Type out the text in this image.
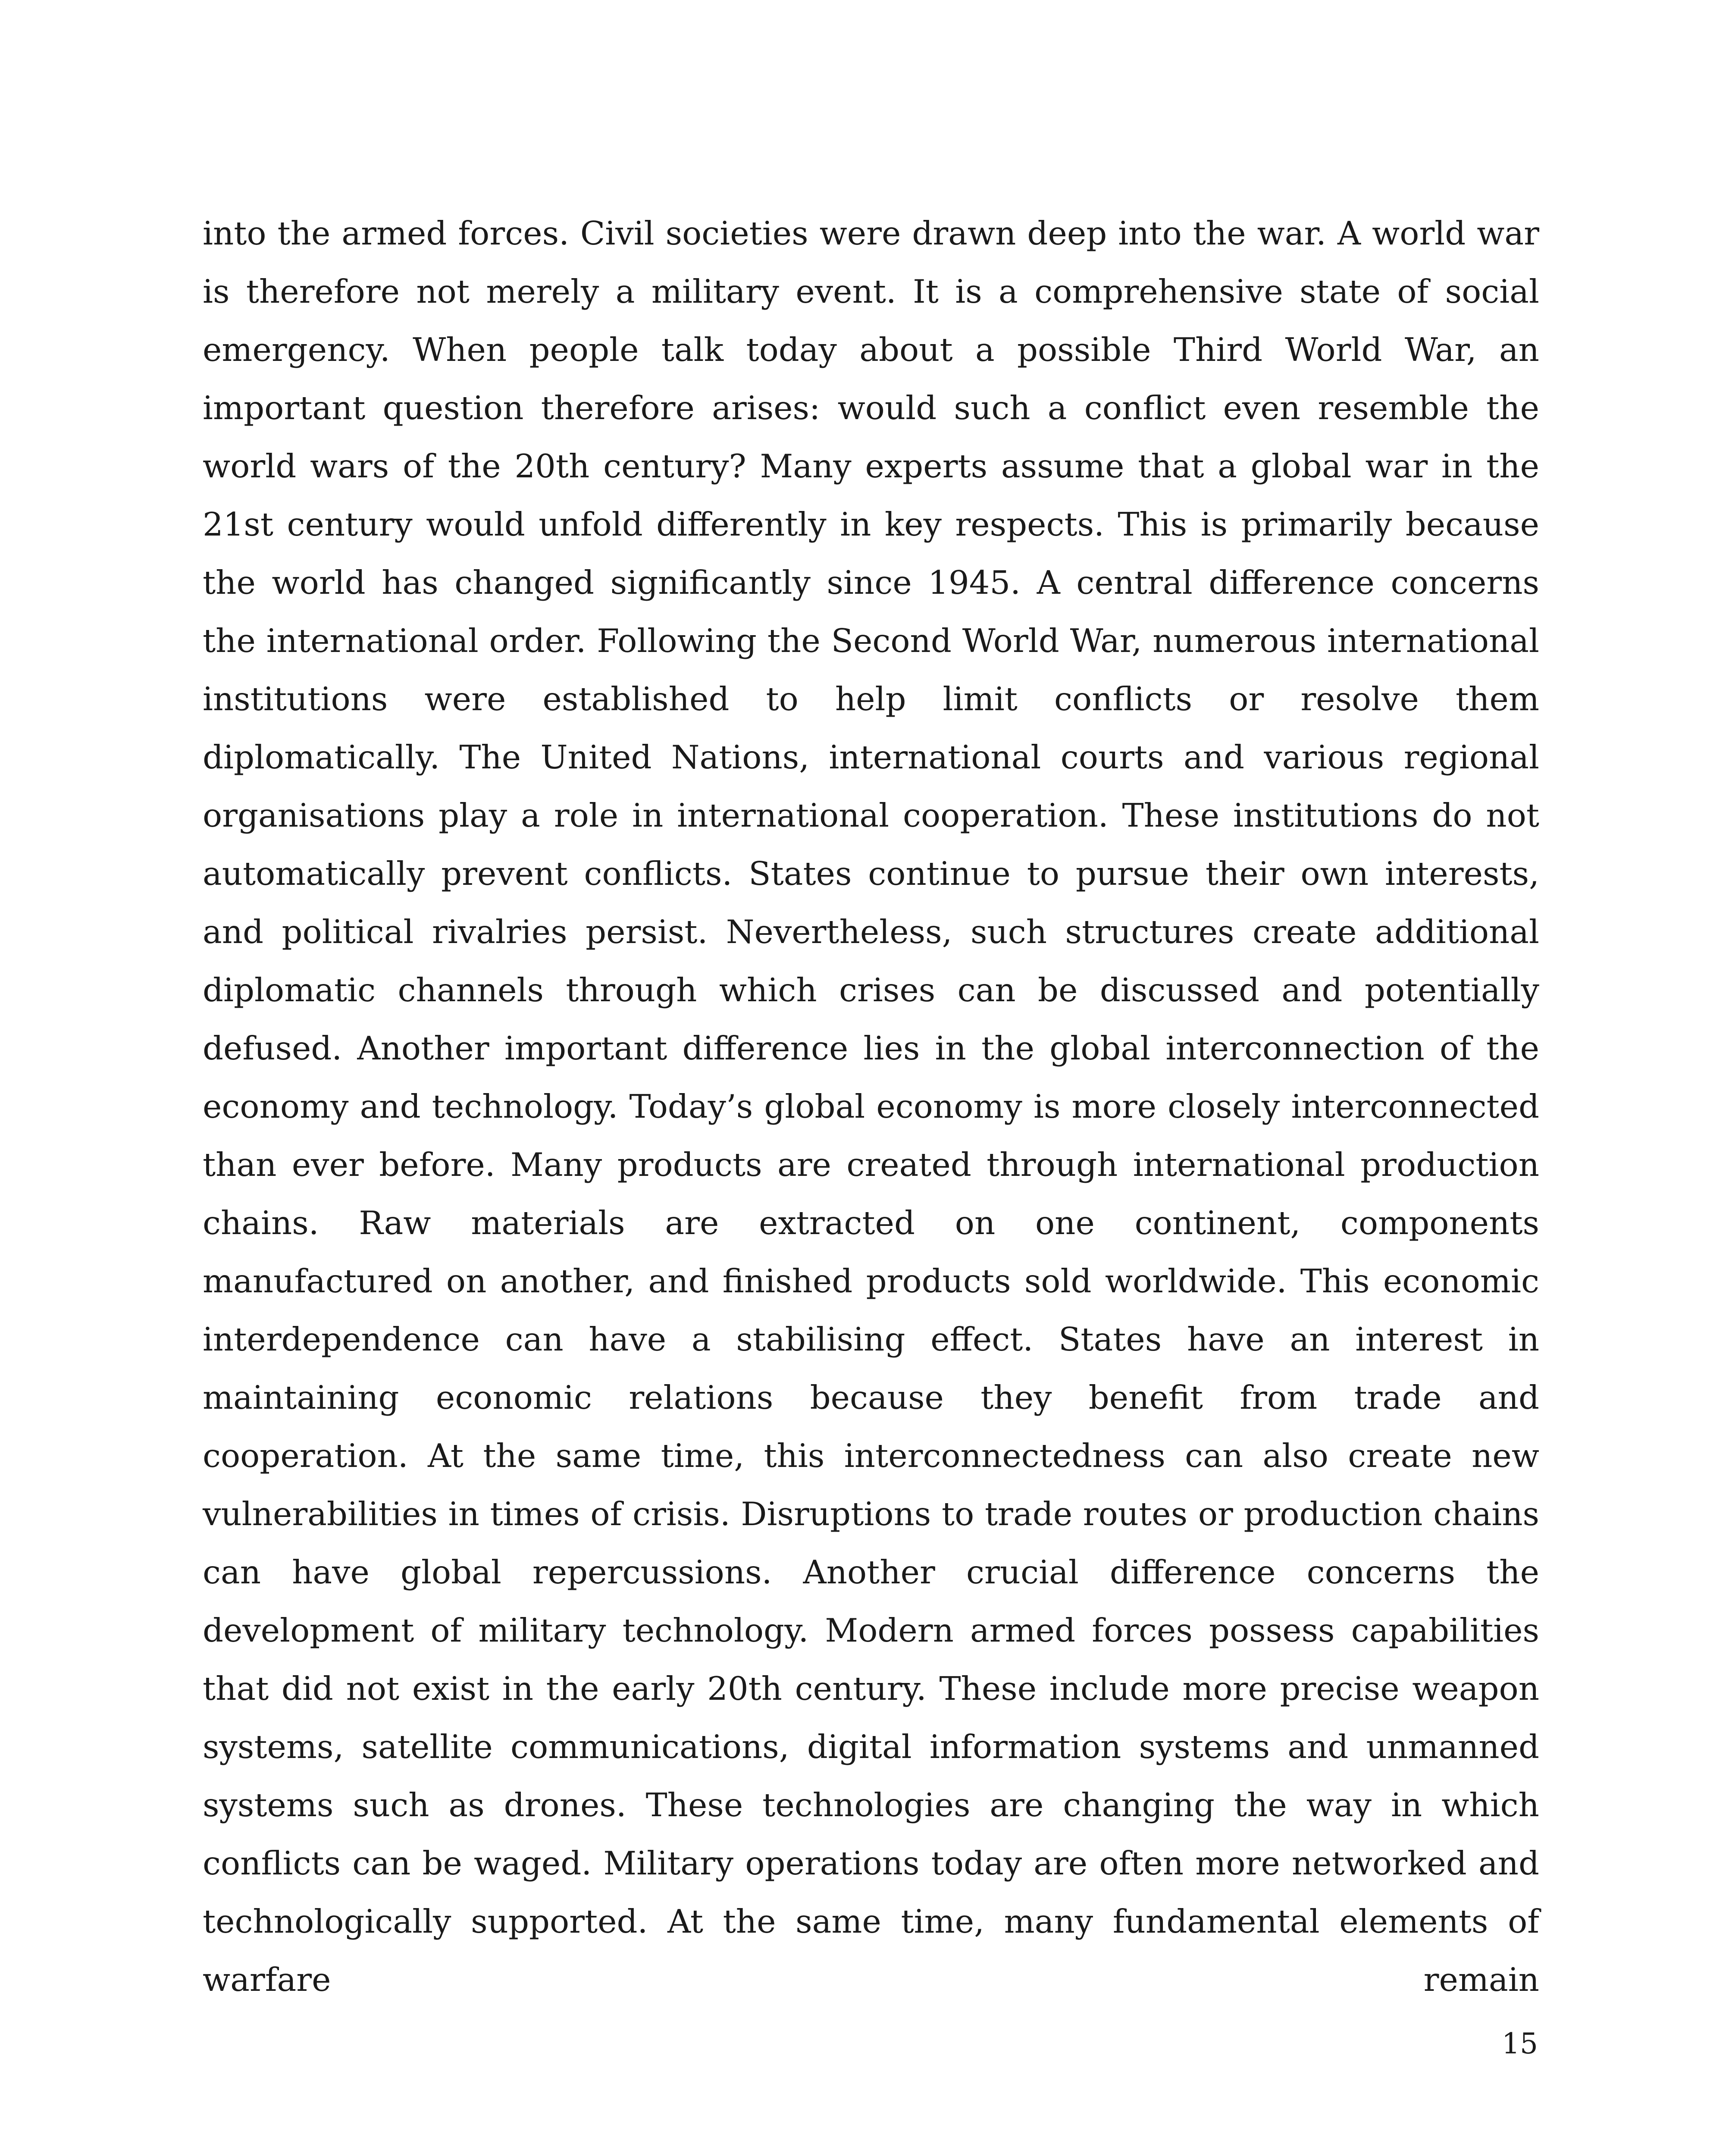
into the armed forces. Civil societies were drawn deep into the war. A world war is therefore not merely a military event. It is a comprehensive state of social emergency. When people talk today about a possible Third World War, an important question therefore arises: would such a conflict even resemble the world wars of the 20th century? Many experts assume that a global war in the 21st century would unfold differently in key respects. This is primarily because the world has changed significantly since 1945. A central difference concerns the international order. Following the Second World War, numerous international institutions were established to help limit conflicts or resolve them diplomatically. The United Nations, international courts and various regional organisations play a role in international cooperation. These institutions do not automatically prevent conflicts. States continue to pursue their own interests, and political rivalries persist. Nevertheless, such structures create additional diplomatic channels through which crises can be discussed and potentially defused. Another important difference lies in the global interconnection of the economy and technology. Today’s global economy is more closely interconnected than ever before. Many products are created through international production chains. Raw materials are extracted on one continent, components manufactured on another, and finished products sold worldwide. This economic interdependence can have a stabilising effect. States have an interest in maintaining economic relations because they benefit from trade and cooperation. At the same time, this interconnectedness can also create new vulnerabilities in times of crisis. Disruptions to trade routes or production chains can have global repercussions. Another crucial difference concerns the development of military technology. Modern armed forces possess capabilities that did not exist in the early 20th century. These include more precise weapon systems, satellite communications, digital information systems and unmanned systems such as drones. These technologies are changing the way in which conflicts can be waged. Military operations today are often more networked and technologically supported. At the same time, many fundamental elements of warfare remain

15
